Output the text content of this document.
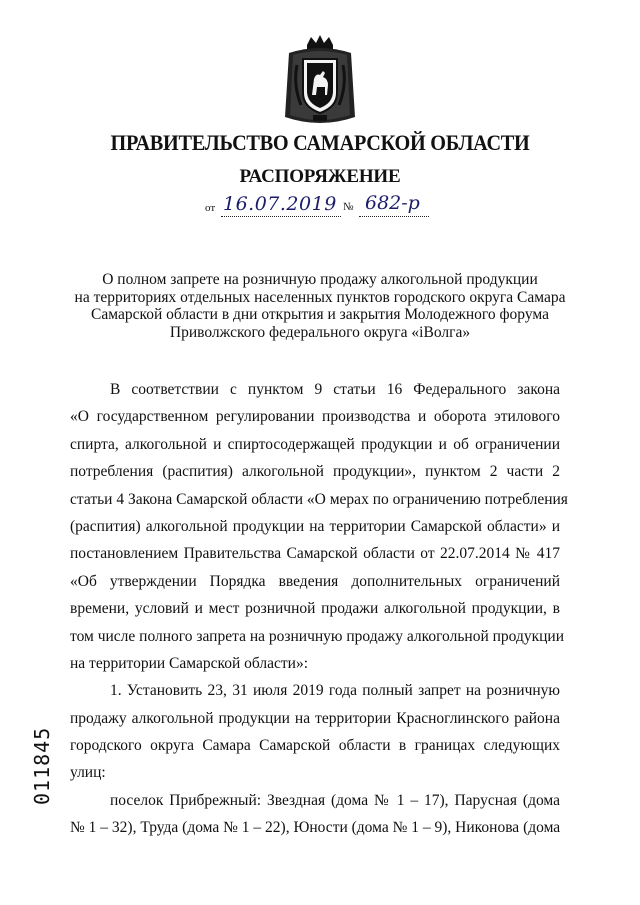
ПРАВИТЕЛЬСТВО САМАРСКОЙ ОБЛАСТИ
РАСПОРЯЖЕНИЕ
от 16.07.2019 № 682-р
О полном запрете на розничную продажу алкогольной продукции
на территориях отдельных населенных пунктов городского округа Самара
Самарской области в дни открытия и закрытия Молодежного форума
Приволжского федерального округа «iВолга»
В соответствии с пунктом 9 статьи 16 Федерального закона
«О государственном регулировании производства и оборота этилового
спирта, алкогольной и спиртосодержащей продукции и об ограничении
потребления (распития) алкогольной продукции», пунктом 2 части 2
статьи 4 Закона Самарской области «О мерах по ограничению потребления
(распития) алкогольной продукции на территории Самарской области» и
постановлением Правительства Самарской области от 22.07.2014 № 417
«Об утверждении Порядка введения дополнительных ограничений
времени, условий и мест розничной продажи алкогольной продукции, в
том числе полного запрета на розничную продажу алкогольной продукции
на территории Самарской области»:
1. Установить 23, 31 июля 2019 года полный запрет на розничную
продажу алкогольной продукции на территории Красноглинского района
городского округа Самара Самарской области в границах следующих
улиц:
поселок Прибрежный: Звездная (дома № 1 – 17), Парусная (дома
№ 1 – 32), Труда (дома № 1 – 22), Юности (дома № 1 – 9), Никонова (дома
011845
